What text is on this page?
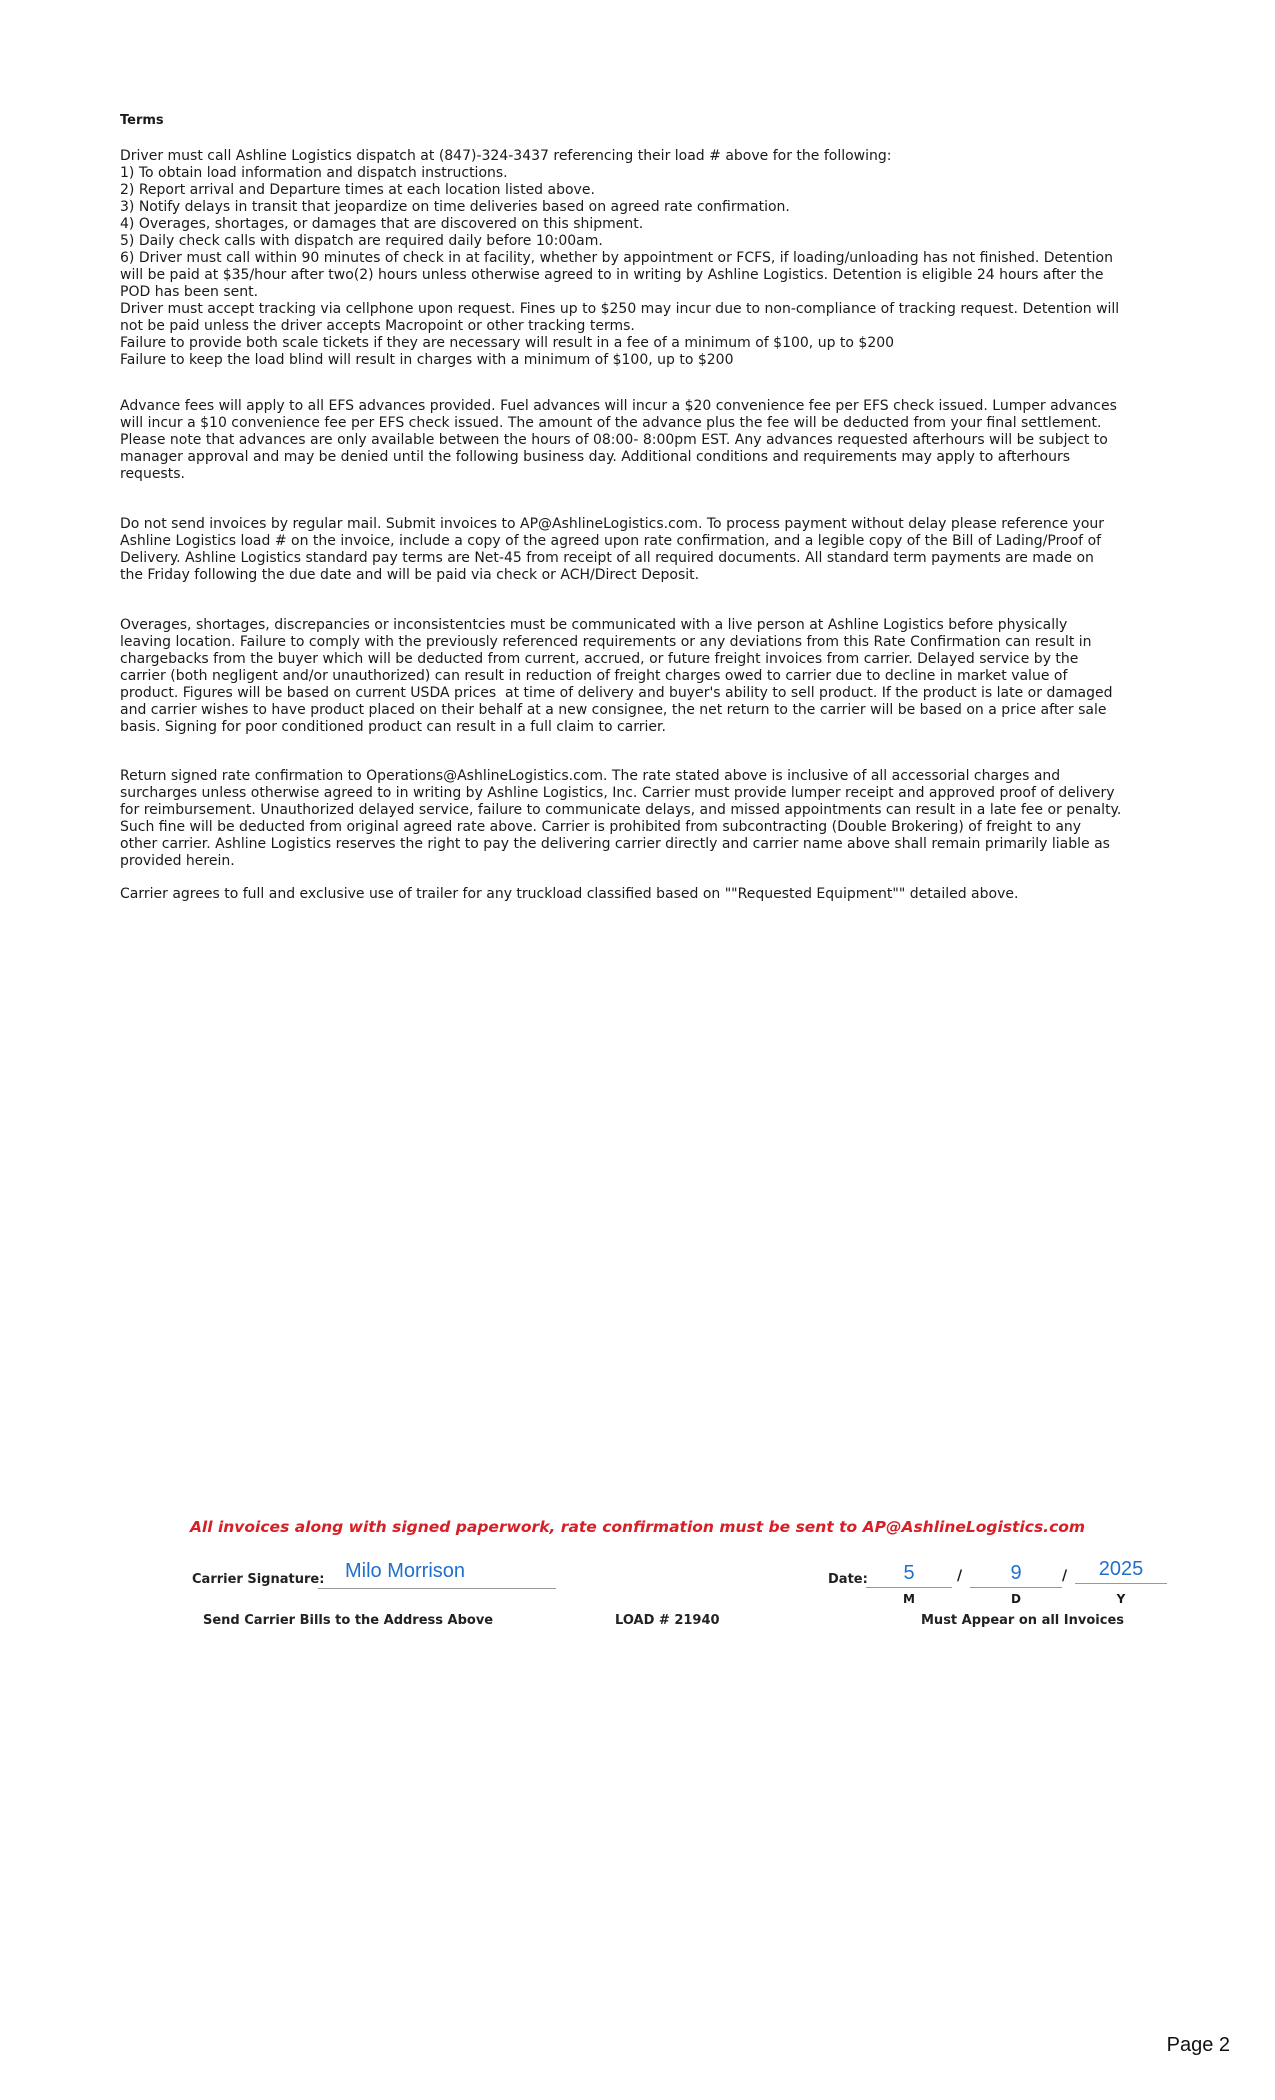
Terms
Driver must call Ashline Logistics dispatch at (847)-324-3437 referencing their load # above for the following:
1) To obtain load information and dispatch instructions.
2) Report arrival and Departure times at each location listed above.
3) Notify delays in transit that jeopardize on time deliveries based on agreed rate confirmation.
4) Overages, shortages, or damages that are discovered on this shipment.
5) Daily check calls with dispatch are required daily before 10:00am.
6) Driver must call within 90 minutes of check in at facility, whether by appointment or FCFS, if loading/unloading has not finished. Detention
will be paid at $35/hour after two(2) hours unless otherwise agreed to in writing by Ashline Logistics. Detention is eligible 24 hours after the
POD has been sent.
Driver must accept tracking via cellphone upon request. Fines up to $250 may incur due to non-compliance of tracking request. Detention will
not be paid unless the driver accepts Macropoint or other tracking terms.
Failure to provide both scale tickets if they are necessary will result in a fee of a minimum of $100, up to $200
Failure to keep the load blind will result in charges with a minimum of $100, up to $200
Advance fees will apply to all EFS advances provided. Fuel advances will incur a $20 convenience fee per EFS check issued. Lumper advances
will incur a $10 convenience fee per EFS check issued. The amount of the advance plus the fee will be deducted from your final settlement.
Please note that advances are only available between the hours of 08:00- 8:00pm EST. Any advances requested afterhours will be subject to
manager approval and may be denied until the following business day. Additional conditions and requirements may apply to afterhours
requests.
Do not send invoices by regular mail. Submit invoices to AP@AshlineLogistics.com. To process payment without delay please reference your
Ashline Logistics load # on the invoice, include a copy of the agreed upon rate confirmation, and a legible copy of the Bill of Lading/Proof of
Delivery. Ashline Logistics standard pay terms are Net-45 from receipt of all required documents. All standard term payments are made on
the Friday following the due date and will be paid via check or ACH/Direct Deposit.
Overages, shortages, discrepancies or inconsistentcies must be communicated with a live person at Ashline Logistics before physically
leaving location. Failure to comply with the previously referenced requirements or any deviations from this Rate Confirmation can result in
chargebacks from the buyer which will be deducted from current, accrued, or future freight invoices from carrier. Delayed service by the
carrier (both negligent and/or unauthorized) can result in reduction of freight charges owed to carrier due to decline in market value of
product. Figures will be based on current USDA prices  at time of delivery and buyer's ability to sell product. If the product is late or damaged
and carrier wishes to have product placed on their behalf at a new consignee, the net return to the carrier will be based on a price after sale
basis. Signing for poor conditioned product can result in a full claim to carrier.
Return signed rate confirmation to Operations@AshlineLogistics.com. The rate stated above is inclusive of all accessorial charges and
surcharges unless otherwise agreed to in writing by Ashline Logistics, Inc. Carrier must provide lumper receipt and approved proof of delivery
for reimbursement. Unauthorized delayed service, failure to communicate delays, and missed appointments can result in a late fee or penalty.
Such fine will be deducted from original agreed rate above. Carrier is prohibited from subcontracting (Double Brokering) of freight to any
other carrier. Ashline Logistics reserves the right to pay the delivering carrier directly and carrier name above shall remain primarily liable as
provided herein.
Carrier agrees to full and exclusive use of trailer for any truckload classified based on ""Requested Equipment"" detailed above.
All invoices along with signed paperwork, rate confirmation must be sent to AP@AshlineLogistics.com
Carrier Signature: Milo Morrison	Date:	5	/	9	/	2025
M	D	Y
Send Carrier Bills to the Address Above	LOAD # 21940	Must Appear on all Invoices
Page 2
